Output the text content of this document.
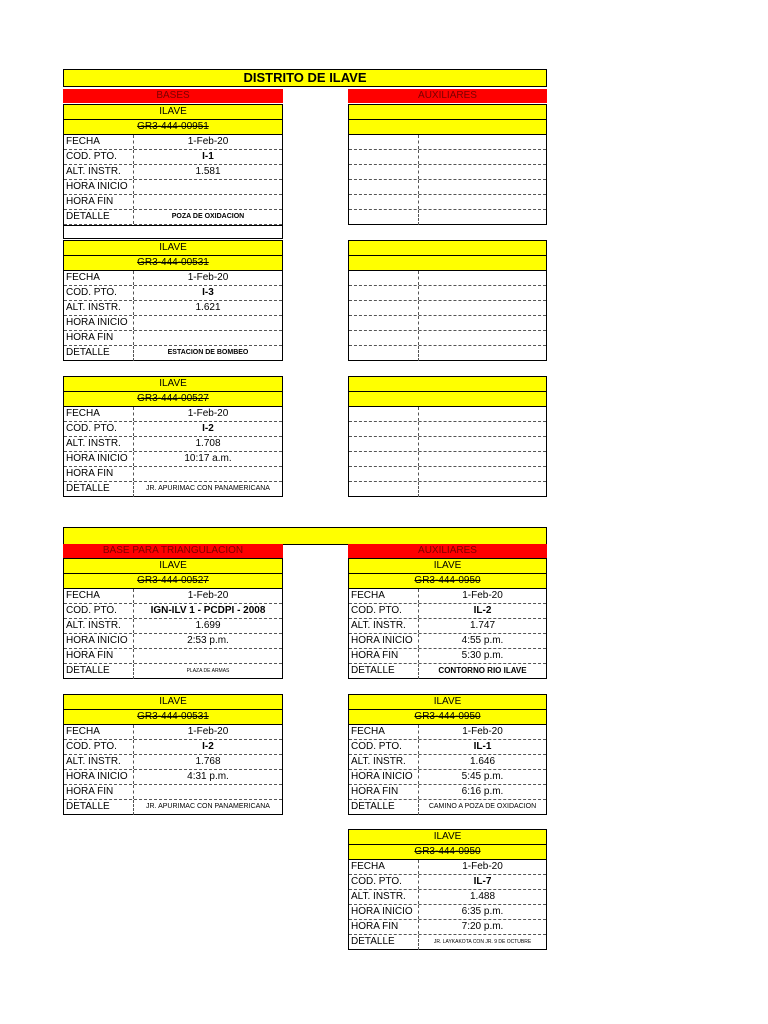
DISTRITO DE ILAVE
BASES	AUXILIARES
ILAVE
GR3-444-00951
FECHA	1-Feb-20
COD. PTO.	I-1
ALT. INSTR.	1.581
HORA INICIO
HORA FIN
DETALLE	POZA DE OXIDACION
ILAVE
GR3-444-00531
FECHA	1-Feb-20
COD. PTO.	I-3
ALT. INSTR.	1.621
HORA INICIO
HORA FIN
DETALLE	ESTACION DE BOMBEO
ILAVE
GR3-444-00527
FECHA	1-Feb-20
COD. PTO.	I-2
ALT. INSTR.	1.708
HORA INICIO	10:17 a.m.
HORA FIN
DETALLE	JR. APURIMAC CON PANAMERICANA
BASE PARA TRIANGULACION	AUXILIARES
ILAVE
GR3-444-00527
FECHA	1-Feb-20
COD. PTO.	IGN-ILV 1 - PCDPI - 2008
ALT. INSTR.	1.699
HORA INICIO	2:53 p.m.
HORA FIN
DETALLE	PLAZA DE ARMAS
ILAVE
GR3-444-0950
FECHA	1-Feb-20
COD. PTO.	IL-2
ALT. INSTR.	1.747
HORA INICIO	4:55 p.m.
HORA FIN	5:30 p.m.
DETALLE	CONTORNO RIO ILAVE
ILAVE
GR3-444-00531
FECHA	1-Feb-20
COD. PTO.	I-2
ALT. INSTR.	1.768
HORA INICIO	4:31 p.m.
HORA FIN
DETALLE	JR. APURIMAC CON PANAMERICANA
ILAVE
GR3-444-0950
FECHA	1-Feb-20
COD. PTO.	IL-1
ALT. INSTR.	1.646
HORA INICIO	5:45 p.m.
HORA FIN	6:16 p.m.
DETALLE	CAMINO A POZA DE OXIDACION
ILAVE
GR3-444-0950
FECHA	1-Feb-20
COD. PTO.	IL-7
ALT. INSTR.	1.488
HORA INICIO	6:35 p.m.
HORA FIN	7:20 p.m.
DETALLE	JR. LAYKAKOTA CON JR. 9 DE OCTUBRE
